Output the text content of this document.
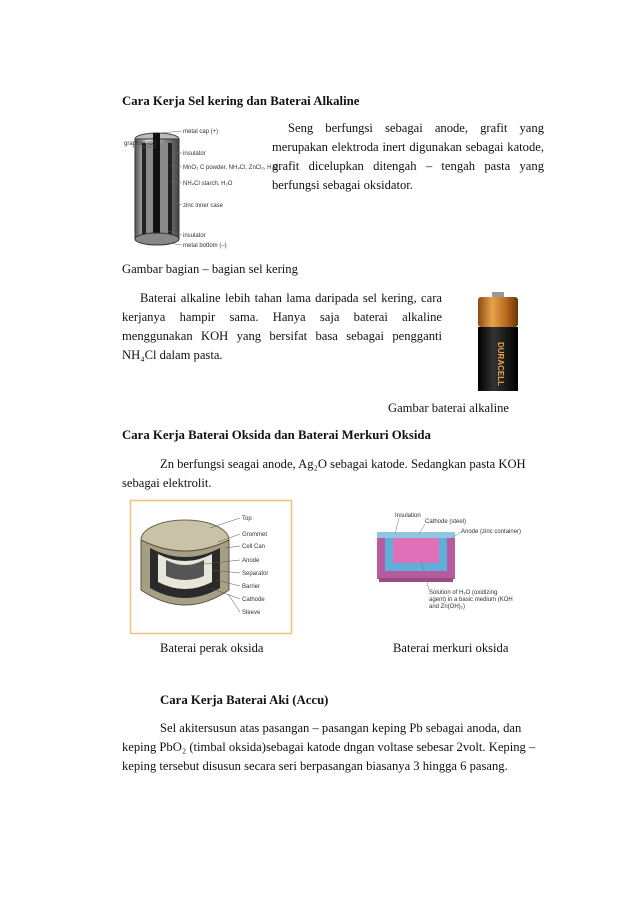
Cara Kerja Sel kering dan Baterai Alkaline
metal cap (+)
graphite rod
insulator
MnO₂ C powder, NH₄Cl, ZnCl₂, H₂O
NH₄Cl starch, H₂O
zinc inner case
insulator
metal bottom (–)
Seng berfungsi sebagai anode, grafit yang merupakan elektroda inert digunakan sebagai katode, grafit dicelupkan ditengah – tengah pasta yang berfungsi sebagai oksidator.
Gambar bagian – bagian sel kering
Baterai alkaline lebih tahan lama daripada sel kering, cara kerjanya hampir sama. Hanya saja baterai alkaline menggunakan KOH yang bersifat basa sebagai pengganti NH₄Cl dalam pasta.	DURACELL
Gambar baterai alkaline
Cara Kerja Baterai Oksida dan Baterai Merkuri Oksida
Zn berfungsi seagai anode, Ag₂O sebagai katode. Sedangkan pasta KOH
sebagai elektrolit.
Top
Grommet
Cell Can
Anode
Separator
Barrier
Cathode
Sleeve
Insulation
Cathode (steel)
Anode (zinc container)
Solution of H₂O (oxidizing
agent) in a basic medium (KOH
and Zn(OH)₂)
Baterai perak oksida	Baterai merkuri oksida
Cara Kerja Baterai Aki (Accu)
Sel akitersusun atas pasangan – pasangan keping Pb sebagai anoda, dan
keping PbO₂ (timbal oksida)sebagai katode dngan voltase sebesar 2volt. Keping –
keping tersebut disusun secara seri berpasangan biasanya 3 hingga 6 pasang.
